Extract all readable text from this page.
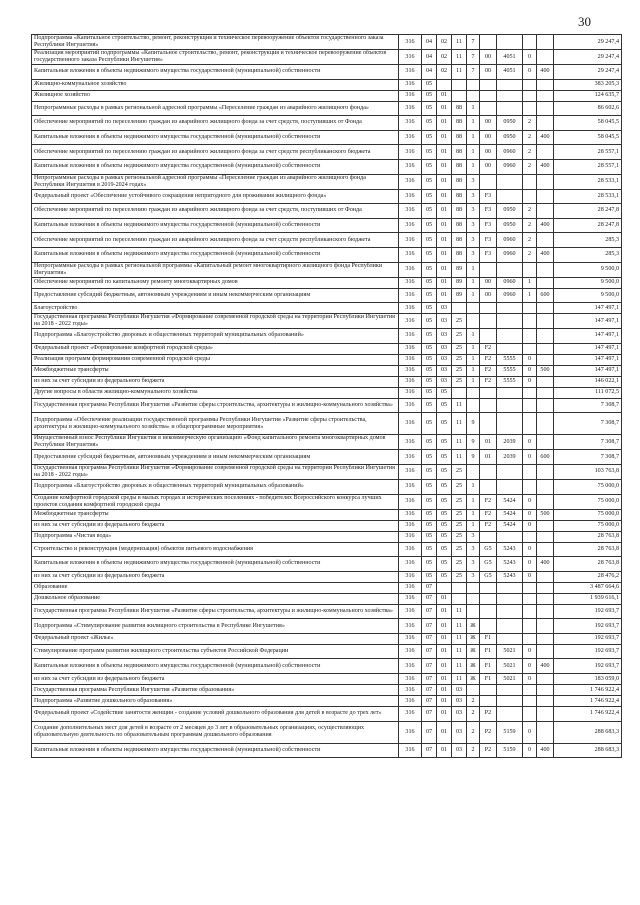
30
Подпрограмма «Капитальное строительство, ремонт, реконструкция и техническое перевооружение объектов государственного заказа Республики Ингушетия»	316	04	02	11	7					29 247,4
Реализация мероприятий подпрограммы «Капитальное строительство, ремонт, реконструкция и техническое перевооружение объектов государственного заказа Республики Ингушетия»	316	04	02	11	7	00	4051	0		29 247,4
Капитальные вложения в объекты недвижимого имущества государственной (муниципальной) собственности	316	04	02	11	7	00	4051	0	400	29 247,4
Жилищно-коммунальное хозяйство	316	05								383 205,3
Жилищное хозяйство	316	05	01							124 635,7
Непрограммные расходы в рамках региональной адресной программы «Переселение граждан из аварийного жилищного фонда»	316	05	01	88	1					86 602,6
Обеспечение мероприятий по переселению граждан из аварийного жилищного фонда за счет средств, поступивших от Фонда	316	05	01	88	1	00	0950	2		58 045,5
Капитальные вложения в объекты недвижимого имущества государственной (муниципальной) собственности	316	05	01	88	1	00	0950	2	400	58 045,5
Обеспечение мероприятий по переселению граждан из аварийного жилищного фонда за счет средств республиканского бюджета	316	05	01	88	1	00	0960	2		28 557,1
Капитальные вложения в объекты недвижимого имущества государственной (муниципальной) собственности	316	05	01	88	1	00	0960	2	400	28 557,1
Непрограммные расходы в рамках региональной адресной программы «Переселение граждан из аварийного жилищного фонда Республики Ингушетия в 2019-2024 годах»	316	05	01	88	3					28 533,1
Федеральный проект «Обеспечение устойчивого сокращения непригодного для проживания жилищного фонда»	316	05	01	88	3	F3				28 533,1
Обеспечение мероприятий по переселению граждан из аварийного жилищного фонда за счет средств, поступивших от Фонда	316	05	01	88	3	F3	0950	2		28 247,8
Капитальные вложения в объекты недвижимого имущества государственной (муниципальной) собственности	316	05	01	88	3	F3	0950	2	400	28 247,8
Обеспечение мероприятий по переселению граждан из аварийного жилищного фонда за счет средств республиканского бюджета	316	05	01	88	3	F3	0960	2		285,3
Капитальные вложения в объекты недвижимого имущества государственной (муниципальной) собственности	316	05	01	88	3	F3	0960	2	400	285,3
Непрограммные расходы в рамках региональной программы «Капитальный ремонт многоквартирного жилищного фонда Республики Ингушетия»	316	05	01	89	1					9 500,0
Обеспечение мероприятий по капитальному ремонту многоквартирных домов	316	05	01	89	1	00	0960	1		9 500,0
Предоставление субсидий бюджетным, автономным учреждениям и иным некоммерческим организациям	316	05	01	89	1	00	0960	1	600	9 500,0
Благоустройство	316	05	03							147 497,1
Государственная программа Республики Ингушетия «Формирование современной городской среды на территории Республики Ингушетия на 2018 - 2022 годы»	316	05	03	25						147 497,1
Подпрограмма «Благоустройство дворовых и общественных территорий муниципальных образований»	316	05	03	25	1					147 497,1
Федеральный проект «Формирование комфортной городской среды»	316	05	03	25	1	F2				147 497,1
Реализация программ формирования современной городской среды	316	05	03	25	1	F2	5555	0		147 497,1
Межбюджетные трансферты	316	05	03	25	1	F2	5555	0	500	147 497,1
из них за счет субсидии из федерального бюджета	316	05	03	25	1	F2	5555	0		146 022,1
Другие вопросы в области жилищно-коммунального хозяйства	316	05	05							111 072,5
Государственная программа Республики Ингушетия «Развитие сферы строительства, архитектуры и жилищно-коммунального хозяйства»	316	05	05	11						7 308,7
Подпрограмма «Обеспечение реализации государственной программы Республики Ингушетия «Развитие сферы строительства, архитектуры и жилищно-коммунального хозяйства» и общепрограммные мероприятия»	316	05	05	11	9					7 308,7
Имущественный взнос Республики Ингушетия в некоммерческую организацию «Фонд капитального ремонта многоквартирных домов Республики Ингушетия»	316	05	05	11	9	01	2039	0		7 308,7
Предоставление субсидий бюджетным, автономным учреждениям и иным некоммерческим организациям	316	05	05	11	9	01	2039	0	600	7 308,7
Государственная программа Республики Ингушетия «Формирование современной городской среды на территории Республики Ингушетия на 2018 - 2022 годы»	316	05	05	25						103 763,8
Подпрограмма «Благоустройство дворовых и общественных территорий муниципальных образований»	316	05	05	25	1					75 000,0
Создание комфортной городской среды в малых городах и исторических поселениях - победителях Всероссийского конкурса лучших проектов создания комфортной городской среды	316	05	05	25	1	F2	5424	0		75 000,0
Межбюджетные трансферты	316	05	05	25	1	F2	5424	0	500	75 000,0
из них за счет субсидии из федерального бюджета	316	05	05	25	1	F2	5424	0		75 000,0
Подпрограмма «Чистая вода»	316	05	05	25	3					28 763,8
Строительство и реконструкция (модернизация) объектов питьевого водоснабжения	316	05	05	25	3	G5	5243	0		28 763,8
Капитальные вложения в объекты недвижимого имущества государственной (муниципальной) собственности	316	05	05	25	3	G5	5243	0	400	28 763,8
из них за счет субсидии из федерального бюджета	316	05	05	25	3	G5	5243	0		28 476,2
Образование	316	07								3 487 664,6
Дошкольное образование	316	07	01							1 939 616,1
Государственная программа Республики Ингушетия «Развитие сферы строительства, архитектуры и жилищно-коммунального хозяйства»	316	07	01	11						192 693,7
Подпрограмма «Стимулирование развития жилищного строительства в Республике Ингушетия»	316	07	01	11	Ж					192 693,7
Федеральный проект «Жилье»	316	07	01	11	Ж	F1				192 693,7
Стимулирование программ развития жилищного строительства субъектов Российской Федерации	316	07	01	11	Ж	F1	5021	0		192 693,7
Капитальные вложения в объекты недвижимого имущества государственной (муниципальной) собственности	316	07	01	11	Ж	F1	5021	0	400	192 693,7
из них за счет субсидии из федерального бюджета	316	07	01	11	Ж	F1	5021	0		183 059,0
Государственная программа Республики Ингушетия «Развитие образования»	316	07	01	03						1 746 922,4
Подпрограмма «Развитие дошкольного образования»	316	07	01	03	2					1 746 922,4
Федеральный проект «Содействие занятости женщин - создание условий дошкольного образования для детей в возрасте до трех лет»	316	07	01	03	2	P2				1 746 922,4
Создание дополнительных мест для детей в возрасте от 2 месяцев до 3 лет в образовательных организациях, осуществляющих образовательную деятельность по образовательным программам дошкольного образования	316	07	01	03	2	P2	5159	0		288 683,3
Капитальные вложения в объекты недвижимого имущества государственной (муниципальной) собственности	316	07	01	03	2	P2	5159	0	400	288 683,3
